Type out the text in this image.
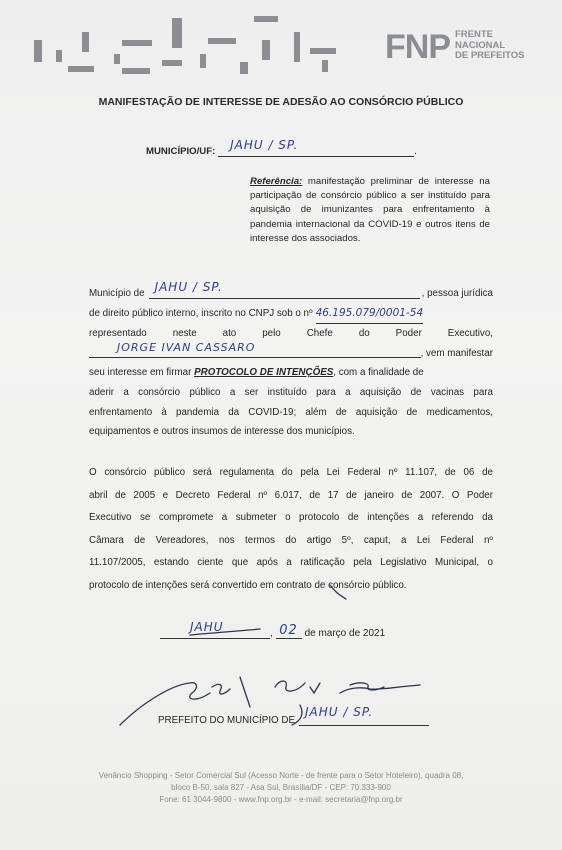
FNP FRENTE
NACIONAL
DE PREFEITOS
MANIFESTAÇÃO DE INTERESSE DE ADESÃO AO CONSÓRCIO PÚBLICO
MUNICÍPIO/UF: JAHU / SP.	.
Referência: manifestação preliminar de interesse na participação de consórcio público a ser instituído para aquisição de imunizantes para enfrentamento à pandemia internacional da COVID-19 e outros itens de interesse dos associados.
Município de JAHU / SP.	, pessoa jurídica
de direito público interno, inscrito no CNPJ sob o nº 46.195.079/0001-54
representado neste ato pelo Chefe do Poder Executivo,
JORGE IVAN CASSARO	, vem manifestar
seu interesse em firmar PROTOCOLO DE INTENÇÕES, com a finalidade de
aderir a consórcio público a ser instituído para a aquisição de vacinas para
enfrentamento à pandemia da COVID-19; além de aquisição de medicamentos,
equipamentos e outros insumos de interesse dos municípios.
O consórcio público será regulamenta do pela Lei Federal nº 11.107, de 06 de
abril de 2005 e Decreto Federal nº 6.017, de 17 de janeiro de 2007. O Poder
Executivo se compromete a submeter o protocolo de intenções a referendo da
Câmara de Vereadores, nos termos do artigo 5º, caput, a Lei Federal nº
11.107/2005, estando ciente que após a ratificação pela Legislativo Municipal, o
protocolo de intenções será convertido em contrato de consórcio público.
JAHU	, 02 de março de 2021
PREFEITO DO MUNICÍPIO DE
JAHU / SP.
Venâncio Shopping - Setor Comercial Sul (Acesso Norte - de frente para o Setor Hoteleiro), quadra 08,
bloco B-50, sala 827 - Asa Sul, Brasília/DF - CEP: 70.333-900
Fone: 61 3044-9800 - www.fnp.org.br - e-mail: secretaria@fnp.org.br
